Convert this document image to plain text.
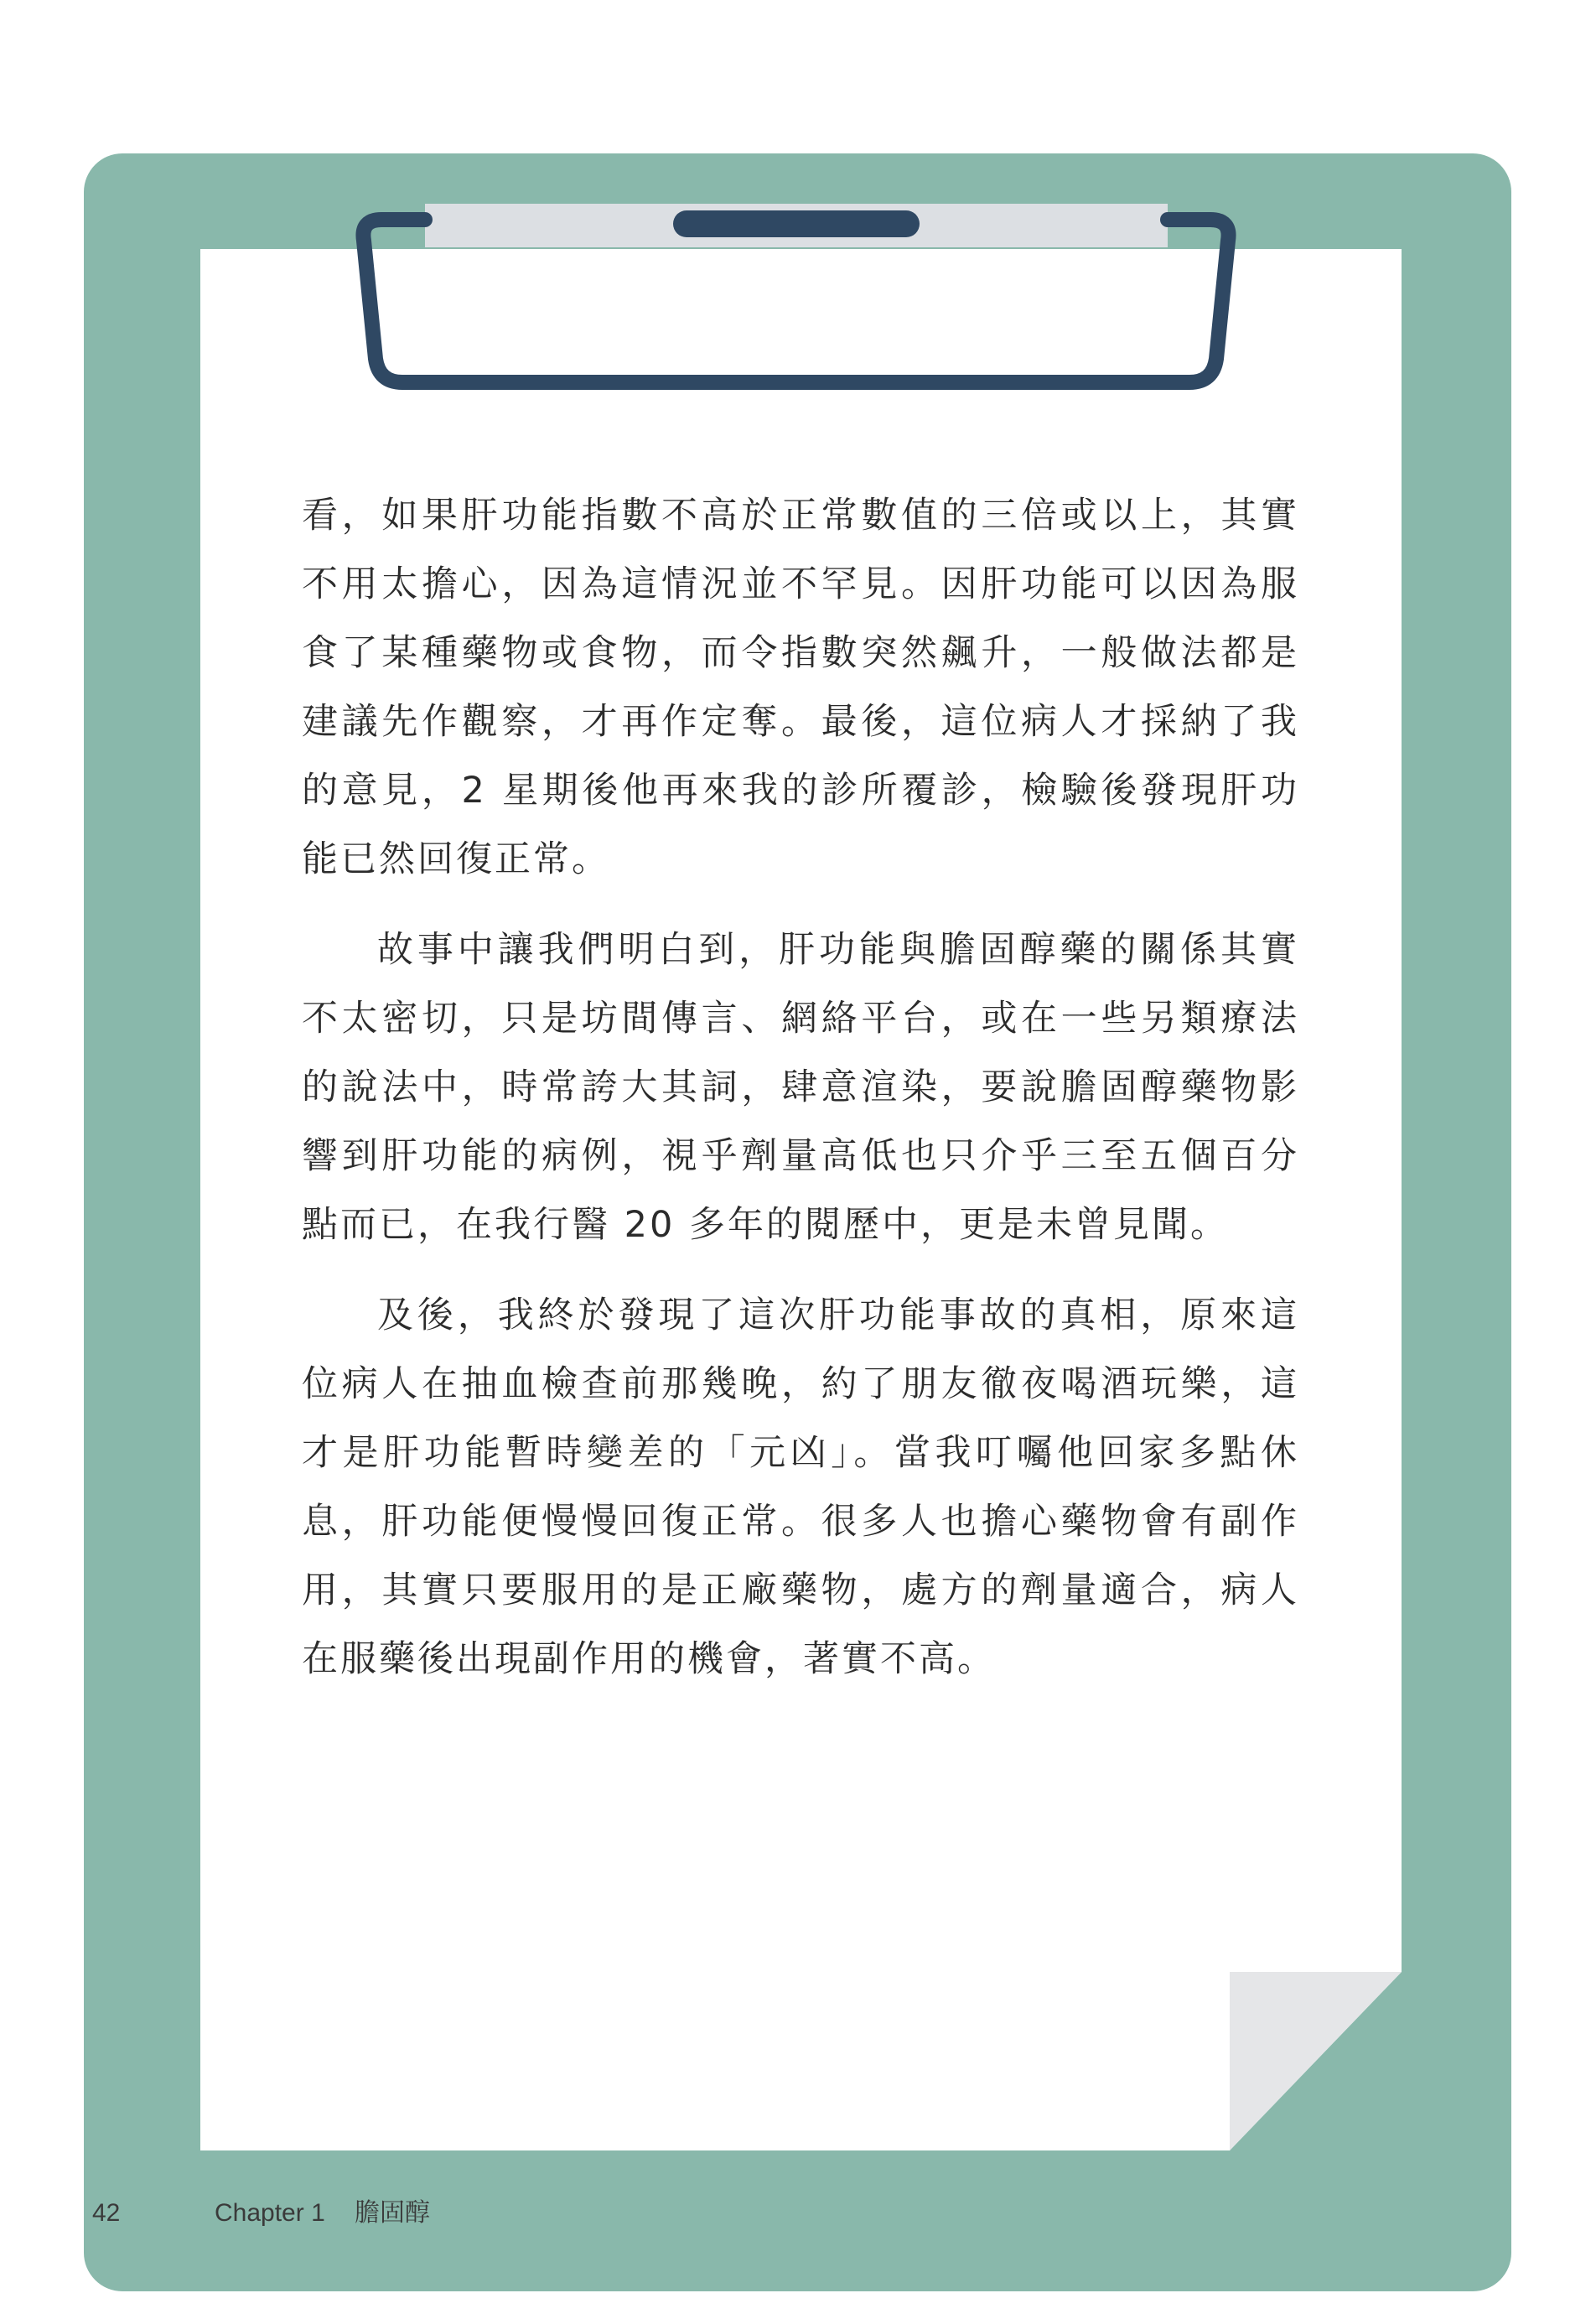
看，如果肝功能指數不高於正常數值的三倍或以上，其實不用太擔心，因為這情況並不罕見。因肝功能可以因為服食了某種藥物或食物，而令指數突然飆升，一般做法都是建議先作觀察，才再作定奪。最後，這位病人才採納了我的意見，2 星期後他再來我的診所覆診，檢驗後發現肝功能已然回復正常。

故事中讓我們明白到，肝功能與膽固醇藥的關係其實不太密切，只是坊間傳言、網絡平台，或在一些另類療法的說法中，時常誇大其詞，肆意渲染，要說膽固醇藥物影響到肝功能的病例，視乎劑量高低也只介乎三至五個百分點而已，在我行醫 20 多年的閱歷中，更是未曾見聞。

及後，我終於發現了這次肝功能事故的真相，原來這位病人在抽血檢查前那幾晚，約了朋友徹夜喝酒玩樂，這才是肝功能暫時變差的「元凶」。當我叮囑他回家多點休息，肝功能便慢慢回復正常。很多人也擔心藥物會有副作用，其實只要服用的是正廠藥物，處方的劑量適合，病人在服藥後出現副作用的機會，著實不高。

42	Chapter 1 膽固醇
